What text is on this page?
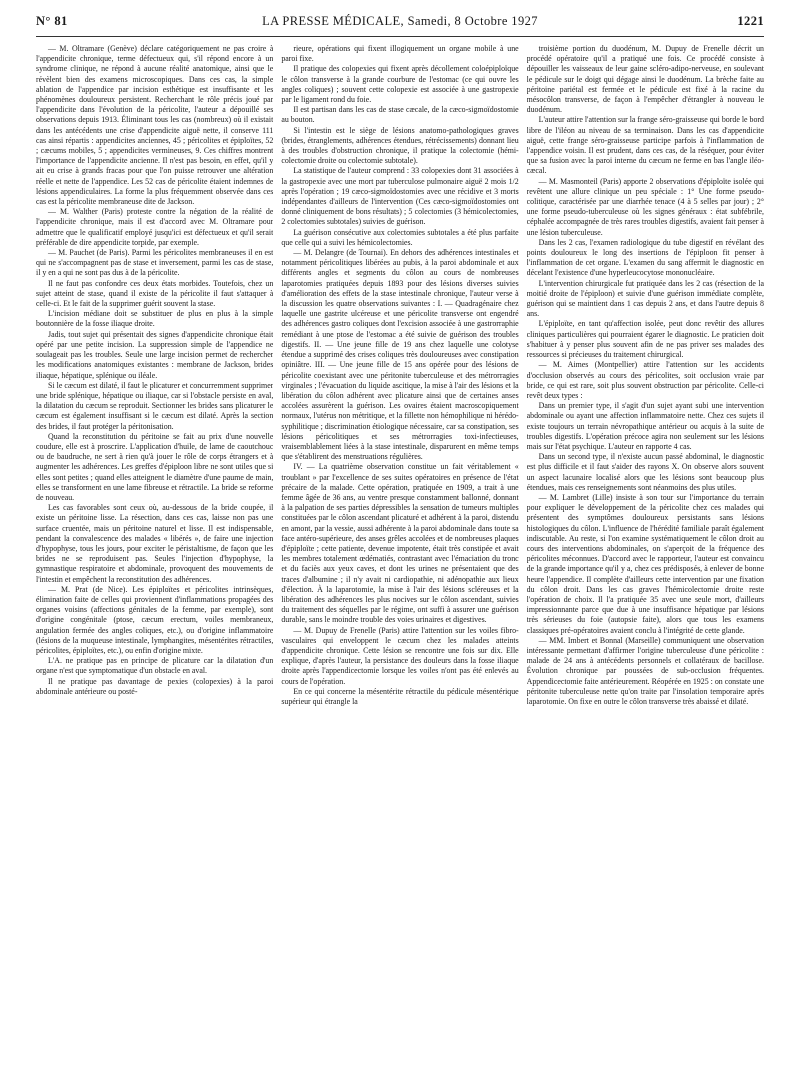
N° 81	LA PRESSE MÉDICALE, Samedi, 8 Octobre 1927	1221

— M. Oltramare (Genève) déclare catégoriquement ne pas croire à l'appendicite chronique, terme défectueux qui, s'il répond encore à un syndrome clinique, ne répond à aucune réalité anatomique, ainsi que le révèlent bien des examens microscopiques. Dans ces cas, la simple ablation de l'appendice par incision esthétique est insuffisante et les phénomènes douloureux persistent. Recherchant le rôle précis joué par l'appendicite dans l'évolution de la péricolite, l'auteur a dépouillé ses observations depuis 1913. Éliminant tous les cas (nombreux) où il existait dans les antécédents une crise d'appendicite aiguë nette, il conserve 111 cas ainsi répartis : appendicites anciennes, 45 ; péricolites et épiploïtes, 52 ; cæcums mobiles, 5 ; appendicites vermineuses, 9. Ces chiffres montrent l'importance de l'appendicite ancienne. Il n'est pas besoin, en effet, qu'il y ait eu crise à grands fracas pour que l'on puisse retrouver une altération réelle et nette de l'appendice. Les 52 cas de péricolite étaient indemnes de lésions appendiculaires. La forme la plus fréquemment observée dans ces cas est la péricolite membraneuse dite de Jackson.

— M. Walther (Paris) proteste contre la négation de la réalité de l'appendicite chronique, mais il est d'accord avec M. Oltramare pour admettre que le qualificatif employé jusqu'ici est défectueux et qu'il serait préférable de dire appendicite torpide, par exemple.

— M. Pauchet (de Paris). Parmi les péricolites membraneuses il en est qui ne s'accompagnent pas de stase et inversement, parmi les cas de stase, il y en a qui ne sont pas dus à de la péricolite.

Il ne faut pas confondre ces deux états morbides. Toutefois, chez un sujet atteint de stase, quand il existe de la péricolite il faut s'attaquer à celle-ci. Et le fait de la supprimer guérit souvent la stase.

L'incision médiane doit se substituer de plus en plus à la simple boutonnière de la fosse iliaque droite.

Jadis, tout sujet qui présentait des signes d'appendicite chronique était opéré par une petite incision. La suppression simple de l'appendice ne soulageait pas les troubles. Seule une large incision permet de rechercher les modifications anatomiques existantes : membrane de Jackson, brides iliaque, hépatique, splénique ou iléale.

Si le cæcum est dilaté, il faut le plicaturer et concurremment supprimer une bride splénique, hépatique ou iliaque, car si l'obstacle persiste en aval, la dilatation du cæcum se reproduit. Sectionner les brides sans plicaturer le cæcum est également insuffisant si le cæcum est dilaté. Après la section des brides, il faut protéger la péritonisation.

Quand la reconstitution du péritoine se fait au prix d'une nouvelle coudure, elle est à proscrire. L'application d'huile, de lame de caoutchouc ou de baudruche, ne sert à rien qu'à jouer le rôle de corps étrangers et à augmenter les adhérences. Les greffes d'épiploon libre ne sont utiles que si elles sont petites ; quand elles atteignent le diamètre d'une paume de main, elles se transforment en une lame fibreuse et rétractile. La bride se reforme de nouveau.

Les cas favorables sont ceux où, au-dessous de la bride coupée, il existe un péritoine lisse. La résection, dans ces cas, laisse non pas une surface cruentée, mais un péritoine naturel et lisse. Il est indispensable, pendant la convalescence des malades « libérés », de faire une injection d'hypophyse, tous les jours, pour exciter le péristaltisme, de façon que les brides ne se reproduisent pas. Seules l'injection d'hypophyse, la gymnastique respiratoire et abdominale, provoquent des mouvements de l'intestin et empêchent la reconstitution des adhérences.

— M. Prat (de Nice). Les épiploïtes et péricolites intrinsèques, élimination faite de celles qui proviennent d'inflammations propagées des organes voisins (affections génitales de la femme, par exemple), sont d'origine congénitale (ptose, cæcum erectum, voiles membraneux, angulation fermée des angles coliques, etc.), ou d'origine inflammatoire (lésions de la muqueuse intestinale, lymphangites, mésentérites rétractiles, péricolites, épiploïtes, etc.), ou enfin d'origine mixte.

L'A. ne pratique pas en principe de plicature car la dilatation d'un organe n'est que symptomatique d'un obstacle en aval.

Il ne pratique pas davantage de pexies (colopexies) à la paroi abdominale antérieure ou posté-

rieure, opérations qui fixent illogiquement un organe mobile à une paroi fixe.

Il pratique des colopexies qui fixent après décollement coloépiploïque le côlon transverse à la grande courbure de l'estomac (ce qui ouvre les angles coliques) ; souvent cette colopexie est associée à une gastropexie par le ligament rond du foie.

Il est partisan dans les cas de stase cæcale, de la cæco-sigmoïdostomie au bouton.

Si l'intestin est le siège de lésions anatomo-pathologiques graves (brides, étranglements, adhérences étendues, rétrécissements) donnant lieu à des troubles d'obstruction chronique, il pratique la colectomie (hémi-colectomie droite ou colectomie subtotale).

La statistique de l'auteur comprend : 33 colopexies dont 31 associées à la gastropexie avec une mort par tuberculose pulmonaire aiguë 2 mois 1/2 après l'opération ; 19 cæco-sigmoïdostomies avec une récidive et 3 morts indépendantes d'ailleurs de l'intervention (Ces cæco-sigmoïdostomies ont donné cliniquement de bons résultats) ; 5 colectomies (3 hémicolectomies, 2 colectomies subtotales) suivies de guérison.

La guérison consécutive aux colectomies subtotales a été plus parfaite que celle qui a suivi les hémicolectomies.

— M. Delangre (de Tournai). En dehors des adhérences intestinales et notamment péricolitiques libérées au pubis, à la paroi abdominale et aux différents angles et segments du côlon au cours de nombreuses laparotomies pratiquées depuis 1893 pour des lésions diverses suivies d'amélioration des effets de la stase intestinale chronique, l'auteur verse à la discussion les quatre observations suivantes : I. — Quadragénaire chez laquelle une gastrite ulcéreuse et une péricolite transverse ont engendré des adhérences gastro coliques dont l'excision associée à une gastrorraphie remédiant à une ptose de l'estomac a été suivie de guérison des troubles digestifs. II. — Une jeune fille de 19 ans chez laquelle une colotyse étendue a supprimé des crises coliques très douloureuses avec constipation opiniâtre. III. — Une jeune fille de 15 ans opérée pour des lésions de péricolite coexistant avec une péritonite tuberculeuse et des métrorragies virginales ; l'évacuation du liquide ascitique, la mise à l'air des lésions et la libération du côlon adhérent avec plicature ainsi que de certaines anses accolées assurèrent la guérison. Les ovaires étaient macroscopiquement normaux, l'utérus non métritique, et la fillette non hémophilique ni hérédo-syphilitique ; discrimination étiologique nécessaire, car sa constipation, ses lésions péricolitiques et ses métrorragies toxi-infectieuses, vraisemblablement liées à la stase intestinale, disparurent en même temps que s'établirent des menstruations régulières.

IV. — La quatrième observation constitue un fait véritablement « troublant » par l'excellence de ses suites opératoires en présence de l'état précaire de la malade. Cette opération, pratiquée en 1909, a trait à une femme âgée de 36 ans, au ventre presque constamment ballonné, donnant à la palpation de ses parties dépressibles la sensation de tumeurs multiples constituées par le côlon ascendant plicaturé et adhérent à la paroi, distendu en amont, par la vessie, aussi adhérente à la paroi abdominale dans toute sa face antéro-supérieure, des anses grêles accolées et de nombreuses plaques d'épiploïte ; cette patiente, devenue impotente, était très constipée et avait les membres totalement œdématiés, contrastant avec l'émaciation du tronc et du faciès aux yeux caves, et dont les urines ne présentaient que des traces d'albumine ; il n'y avait ni cardiopathie, ni adénopathie aux lieux d'élection. À la laparotomie, la mise à l'air des lésions scléreuses et la libération des adhérences les plus nocives sur le côlon ascendant, suivies du traitement des séquelles par le régime, ont suffi à assurer une guérison durable, sans le moindre trouble des voies urinaires et digestives.

— M. Dupuy de Frenelle (Paris) attire l'attention sur les voiles fibro-vasculaires qui enveloppent le cæcum chez les malades atteints d'appendicite chronique. Cette lésion se rencontre une fois sur dix. Elle explique, d'après l'auteur, la persistance des douleurs dans la fosse iliaque droite après l'appendicectomie lorsque les voiles n'ont pas été enlevés au cours de l'opération.

En ce qui concerne la mésentérite rétractile du pédicule mésentérique supérieur qui étrangle la

troisième portion du duodénum, M. Dupuy de Frenelle décrit un procédé opératoire qu'il a pratiqué une fois. Ce procédé consiste à dépouiller les vaisseaux de leur gaine scléro-adipo-nerveuse, en soulevant le pédicule sur le doigt qui dégage ainsi le duodénum. La brèche faite au péritoine pariétal est fermée et le pédicule est fixé à la racine du mésocôlon transverse, de façon à l'empêcher d'étrangler à nouveau le duodénum.

L'auteur attire l'attention sur la frange séro-graisseuse qui borde le bord libre de l'iléon au niveau de sa terminaison. Dans les cas d'appendicite aiguë, cette frange séro-graisseuse participe parfois à l'inflammation de l'appendice voisin. Il est prudent, dans ces cas, de la réséquer, pour éviter que sa fusion avec la paroi interne du cæcum ne ferme en bas l'angle iléo-cæcal.

— M. Masmonteil (Paris) apporte 2 observations d'épiploïte isolée qui revêtent une allure clinique un peu spéciale : 1° Une forme pseudo-colitique, caractérisée par une diarrhée tenace (4 à 5 selles par jour) ; 2° une forme pseudo-tuberculeuse où les signes généraux : état subfébrile, céphalée accompagnée de très rares troubles digestifs, avaient fait penser à une lésion tuberculeuse.

Dans les 2 cas, l'examen radiologique du tube digestif en révélant des points douloureux le long des insertions de l'épiploon fit penser à l'inflammation de cet organe. L'examen du sang affermit le diagnostic en décelant l'existence d'une hyperleucocytose mononucléaire.

L'intervention chirurgicale fut pratiquée dans les 2 cas (résection de la moitié droite de l'épiploon) et suivie d'une guérison immédiate complète, guérison qui se maintient dans 1 cas depuis 2 ans, et dans l'autre depuis 8 ans.

L'épiploïte, en tant qu'affection isolée, peut donc revêtir des allures cliniques particulières qui pourraient égarer le diagnostic. Le praticien doit s'habituer à y penser plus souvent afin de ne pas priver ses malades des ressources si précieuses du traitement chirurgical.

— M. Aimes (Montpellier) attire l'attention sur les accidents d'occlusion observés au cours des péricolites, soit occlusion vraie par bride, ce qui est rare, soit plus souvent obstruction par péricolite. Celle-ci revêt deux types :

Dans un premier type, il s'agit d'un sujet ayant subi une intervention abdominale ou ayant une affection inflammatoire nette. Chez ces sujets il existe toujours un terrain névropathique antérieur ou acquis à la suite de troubles digestifs. L'opération précoce agira non seulement sur les lésions mais sur l'état psychique. L'auteur en rapporte 4 cas.

Dans un second type, il n'existe aucun passé abdominal, le diagnostic est plus difficile et il faut s'aider des rayons X. On observe alors souvent un aspect lacunaire localisé alors que les lésions sont beaucoup plus étendues, mais ces renseignements sont néanmoins des plus utiles.

— M. Lambret (Lille) insiste à son tour sur l'importance du terrain pour expliquer le développement de la péricolite chez ces malades qui présentent des symptômes douloureux persistants sans lésions histologiques du côlon. L'influence de l'hérédité familiale paraît également indiscutable. Au reste, si l'on examine systématiquement le côlon droit au cours des interventions abdominales, on s'aperçoit de la fréquence des péricolites méconnues. D'accord avec le rapporteur, l'auteur est convaincu de la grande importance qu'il y a, chez ces prédisposés, à enlever de bonne heure l'appendice. Il complète d'ailleurs cette intervention par une fixation du côlon droit. Dans les cas graves l'hémicolectomie droite reste l'opération de choix. Il l'a pratiquée 35 avec une seule mort, d'ailleurs impressionnante parce que due à une insuffisance hépatique par lésions très sérieuses du foie (autopsie faite), alors que tous les examens classiques pré-opératoires avaient conclu à l'intégrité de cette glande.

— MM. Imbert et Bonnal (Marseille) communiquent une observation intéressante permettant d'affirmer l'origine tuberculeuse d'une péricolite : malade de 24 ans à antécédents personnels et collatéraux de bacillose. Évolution chronique par poussées de sub-occlusion fréquentes. Appendicectomie faite antérieurement. Réopérée en 1925 : on constate une péritonite tuberculeuse nette qu'on traite par l'insolation temporaire après laparotomie. On fixe en outre le côlon transverse très abaissé et dilaté.
